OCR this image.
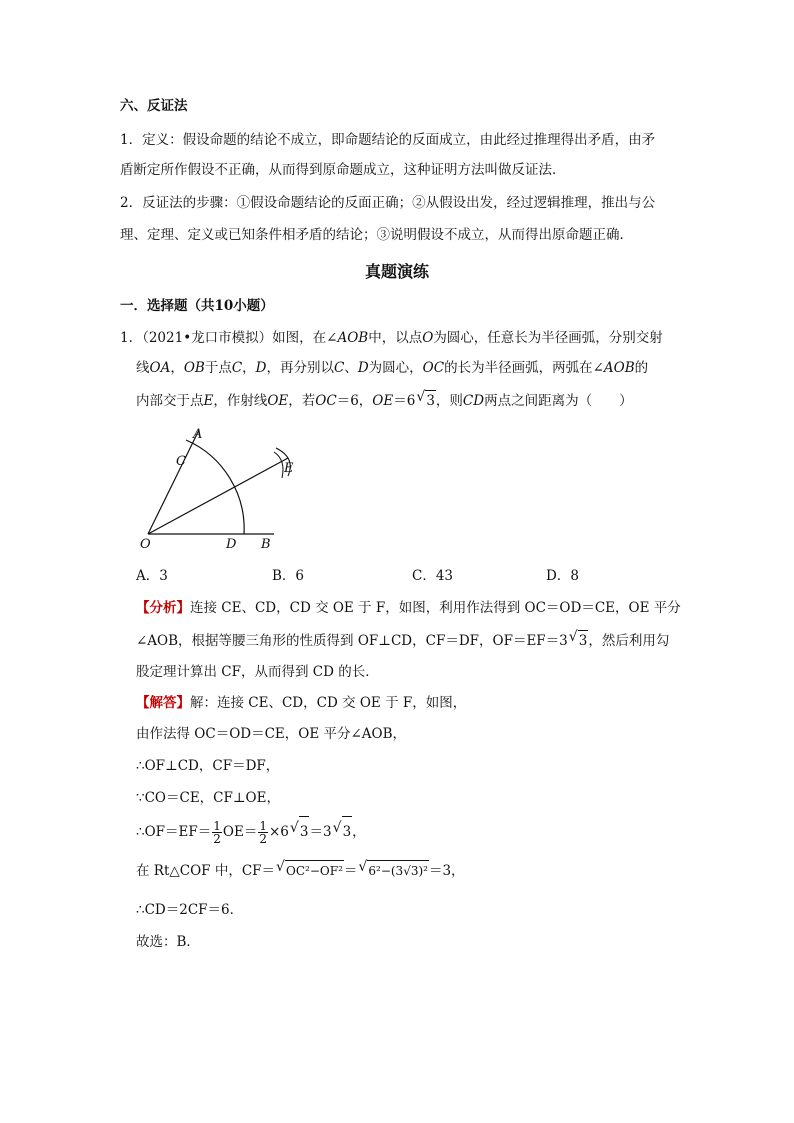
六、反证法
1．定义：假设命题的结论不成立，即命题结论的反面成立，由此经过推理得出矛盾，由矛
盾断定所作假设不正确，从而得到原命题成立，这种证明方法叫做反证法．
2．反证法的步骤：①假设命题结论的反面正确；②从假设出发，经过逻辑推理，推出与公
理、定理、定义或已知条件相矛盾的结论；③说明假设不成立，从而得出原命题正确．
真题演练
一．选择题（共10小题）
1．（2021•龙口市模拟）如图，在∠AOB中，以点O为圆心，任意长为半径画弧，分别交射
线OA，OB于点C，D，再分别以C、D为圆心，OC的长为半径画弧，两弧在∠AOB的
内部交于点E，作射线OE，若OC＝6，OE＝6√ 3，则CD两点之间距离为（　　）
A
C	E
O	D B
A．3	B．6	C．43	D．8
【分析】连接 CE、CD，CD 交 OE 于 F，如图，利用作法得到 OC＝OD＝CE，OE 平分
∠AOB，根据等腰三角形的性质得到 OF⊥CD，CF＝DF，OF＝EF＝3√ 3，然后利用勾
股定理计算出 CF，从而得到 CD 的长．
【解答】解：连接 CE、CD，CD 交 OE 于 F，如图，
由作法得 OC＝OD＝CE，OE 平分∠AOB，
∴OF⊥CD，CF＝DF，
∵CO＝CE，CF⊥OE，
∴OF＝EF＝ $\frac{1}{2} OE= \frac{1}{2} \times 6√$ 3＝3√ 3，
在 Rt△COF 中，CF＝√ OC²−OF²＝√ 6²−(3√3)²＝3，
∴CD＝2CF＝6．
故选：B．
